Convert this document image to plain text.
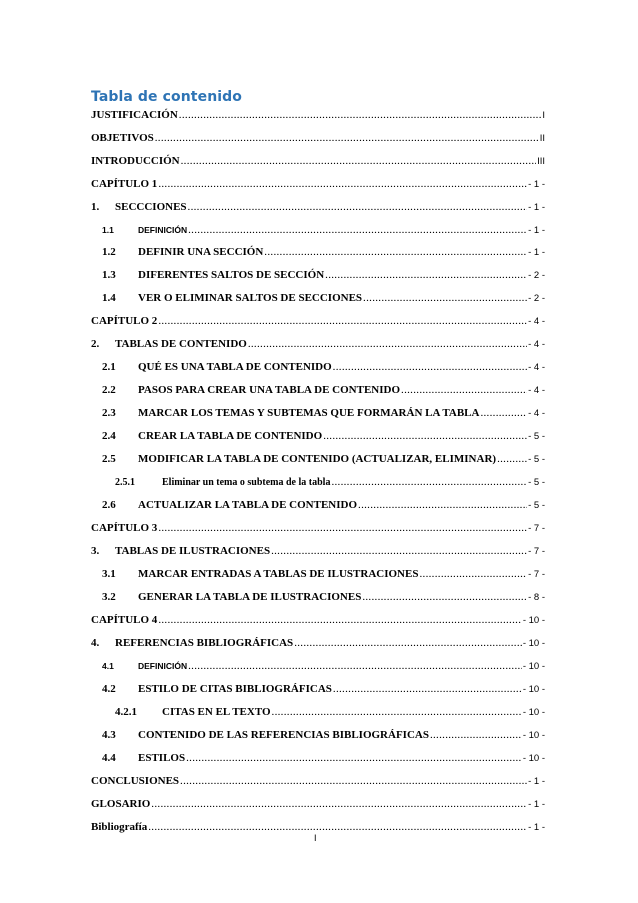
Tabla de contenido
JUSTIFICACIÓN .....	I
OBJETIVOS .....	II
INTRODUCCIÓN .....	III
CAPÍTULO 1 .....	- 1 -
1.	SECCCIONES .....	- 1 -
1.1	DEFINICIÓN .....	- 1 -
1.2	DEFINIR UNA SECCIÓN .....	- 1 -
1.3	DIFERENTES SALTOS DE SECCIÓN .....	- 2 -
1.4	VER O ELIMINAR SALTOS DE SECCIONES .....	- 2 -
CAPÍTULO 2 .....	- 4 -
2.	TABLAS DE CONTENIDO .....	- 4 -
2.1	QUÉ ES UNA TABLA DE CONTENIDO .....	- 4 -
2.2	PASOS PARA CREAR UNA TABLA DE CONTENIDO .....	- 4 -
2.3	MARCAR LOS TEMAS Y SUBTEMAS QUE FORMARÁN LA TABLA .....	- 4 -
2.4	CREAR LA TABLA DE CONTENIDO .....	- 5 -
2.5	MODIFICAR LA TABLA DE CONTENIDO (ACTUALIZAR, ELIMINAR) .....	- 5 -
2.5.1	Eliminar un tema o subtema de la tabla .....	- 5 -
2.6	ACTUALIZAR LA TABLA DE CONTENIDO .....	- 5 -
CAPÍTULO 3 .....	- 7 -
3.	TABLAS DE ILUSTRACIONES .....	- 7 -
3.1	MARCAR ENTRADAS A TABLAS DE ILUSTRACIONES .....	- 7 -
3.2	GENERAR LA TABLA DE ILUSTRACIONES .....	- 8 -
CAPÍTULO 4 .....	- 10 -
4.	REFERENCIAS BIBLIOGRÁFICAS .....	- 10 -
4.1	DEFINICIÓN .....	- 10 -
4.2	ESTILO DE CITAS BIBLIOGRÁFICAS .....	- 10 -
4.2.1	CITAS EN EL TEXTO .....	- 10 -
4.3	CONTENIDO DE LAS REFERENCIAS BIBLIOGRÁFICAS .....	- 10 -
4.4	ESTILOS .....	- 10 -
CONCLUSIONES .....	- 1 -
GLOSARIO .....	- 1 -
Bibliografía .....	- 1 -
I
